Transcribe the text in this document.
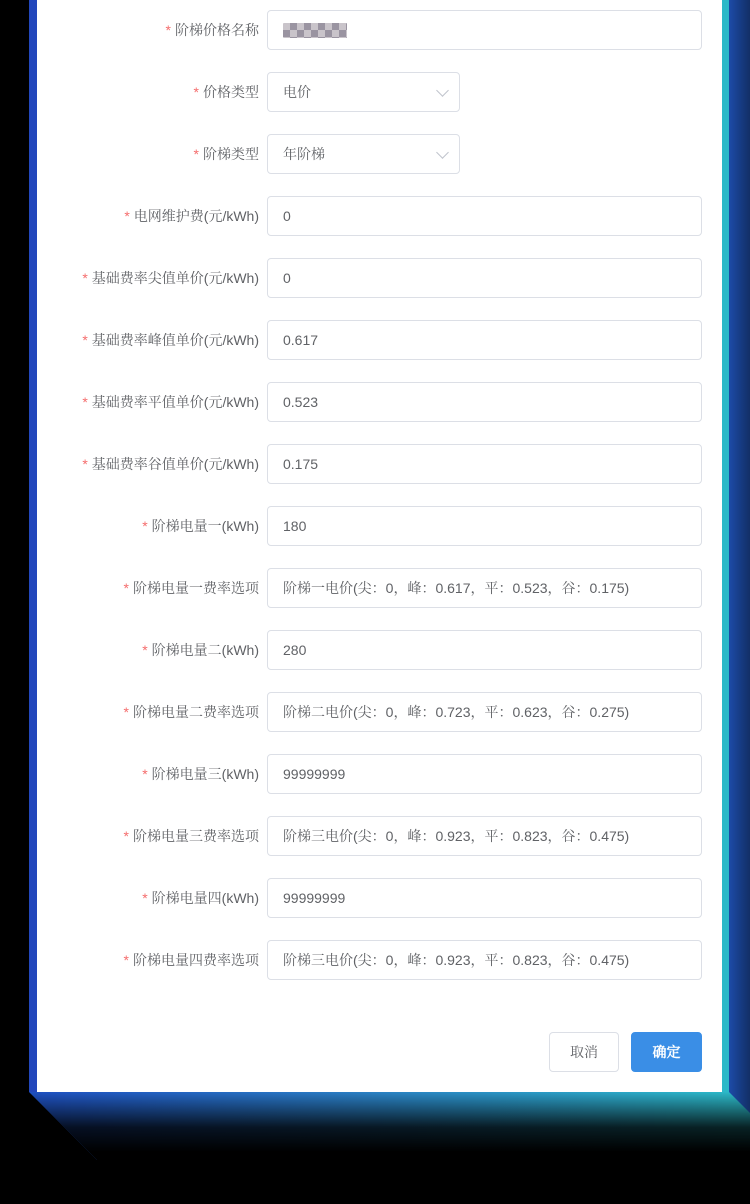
* 阶梯价格名称
* 价格类型	电价
* 阶梯类型	年阶梯
* 电网维护费(元/kWh)	0
* 基础费率尖值单价(元/kWh)	0
* 基础费率峰值单价(元/kWh)	0.617
* 基础费率平值单价(元/kWh)	0.523
* 基础费率谷值单价(元/kWh)	0.175
* 阶梯电量一(kWh)	180
* 阶梯电量一费率选项	阶梯一电价(尖：0，峰：0.617，平：0.523，谷：0.175)
* 阶梯电量二(kWh)	280
* 阶梯电量二费率选项	阶梯二电价(尖：0，峰：0.723，平：0.623，谷：0.275)
* 阶梯电量三(kWh)	99999999
* 阶梯电量三费率选项	阶梯三电价(尖：0，峰：0.923，平：0.823，谷：0.475)
* 阶梯电量四(kWh)	99999999
* 阶梯电量四费率选项	阶梯三电价(尖：0，峰：0.923，平：0.823，谷：0.475)
取消	确定
